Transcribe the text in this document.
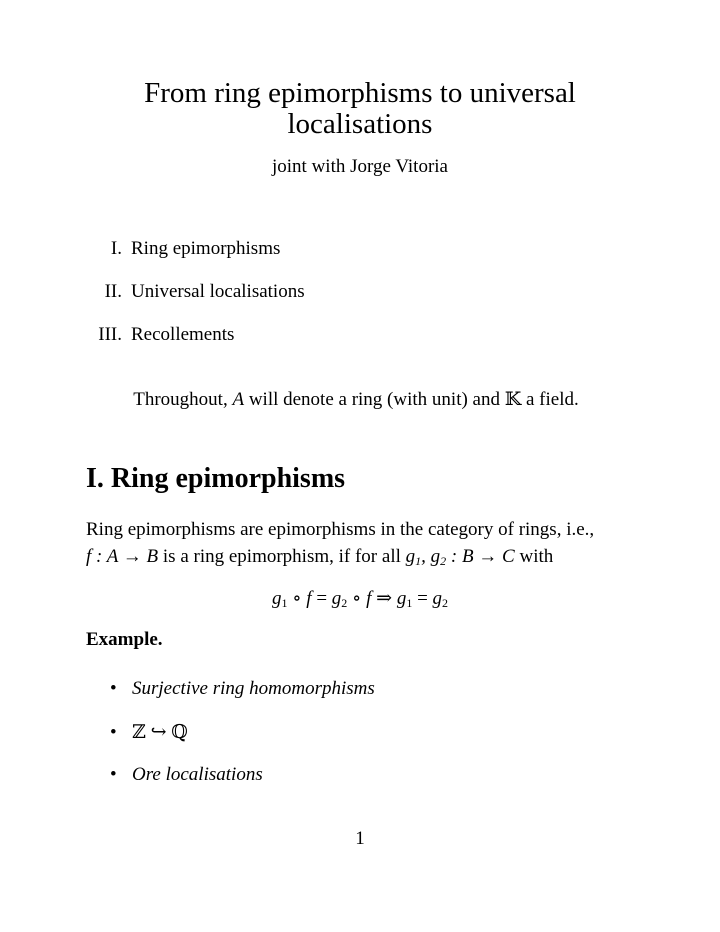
From ring epimorphisms to universal
localisations
joint with Jorge Vitoria
I. Ring epimorphisms
II. Universal localisations
III. Recollements
Throughout, A will denote a ring (with unit) and 𝕂 a field.
I. Ring epimorphisms
Ring epimorphisms are epimorphisms in the category of rings, i.e.,
f : A → B is a ring epimorphism, if for all $g_1$, $g_2$ : B → C with
$g_1$ ∘ $f = g_2$ ∘ f ⇒ $g_1 = g_2$
Example.
• Surjective ring homomorphisms
• ℤ ↪ ℚ
• Ore localisations
1
